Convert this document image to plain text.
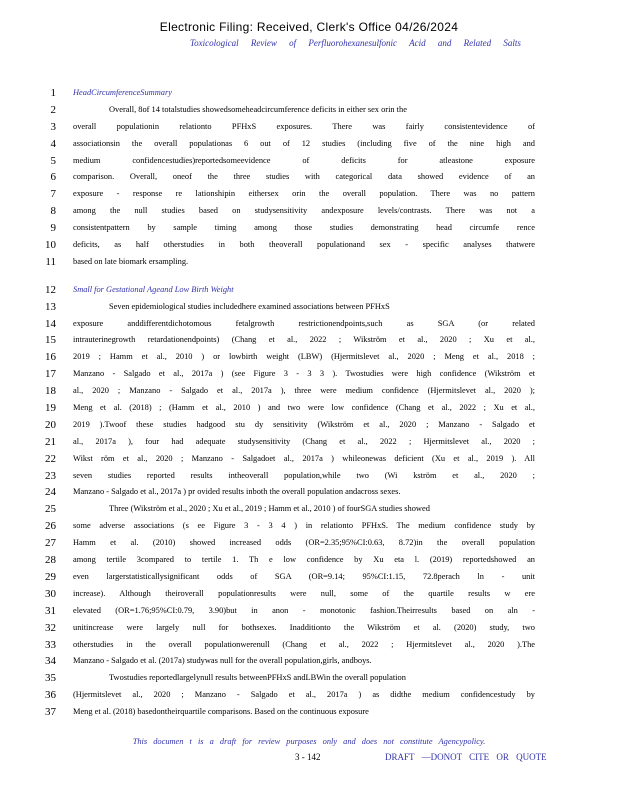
Electronic Filing: Received, Clerk's Office 04/26/2024
Toxicological Review of Perfluorohexanesulfonic Acid and Related Salts
1 HeadCircumferenceSummary
2	Overall, 8of 14 totalstudies showedsomeheadcircumference deficits in either sex orin the
3 overall populationin relationto PFHxS exposures. There was fairly consistentevidence of
4 associationsin the overall populationas 6 out of 12 studies (including five of the nine high and
5 medium confidencestudies)reportedsomeevidence of deficits for atleastone exposure
6 comparison. Overall, oneof the three studies with categorical data showed evidence of an
7 exposure - response re lationshipin eithersex orin the overall population. There was no pattern
8 among the null studies based on studysensitivity andexposure levels/contrasts. There was not a
9 consistentpattern by sample timing among those studies demonstrating head circumfe rence
10 deficits, as half otherstudies in both theoverall populationand sex - specific analyses thatwere
11 based on late biomark ersampling.
12 Small for Gestational Ageand Low Birth Weight
13	Seven epidemiological studies includedhere examined associations between PFHxS
14 exposure anddifferentdichotomous fetalgrowth restrictionendpoints,such as SGA (or related
15 intrauterinegrowth retardationendpoints) (Chang et al., 2022 ; Wikström et al., 2020 ; Xu et al.,
16 2019 ; Hamm et al., 2010 ) or lowbirth weight (LBW) (Hjermitslevet al., 2020 ; Meng et al., 2018 ;
17 Manzano - Salgado et al., 2017a ) (see Figure 3 - 3 3 ). Twostudies were high confidence (Wikström et
18 al., 2020 ; Manzano - Salgado et al., 2017a ), three were medium confidence (Hjermitslevet al., 2020 );
19 Meng et al. (2018) ; (Hamm et al., 2010 ) and two were low confidence (Chang et al., 2022 ; Xu et al.,
20 2019 ).Twoof these studies hadgood stu dy sensitivity (Wikström et al., 2020 ; Manzano - Salgado et
21 al., 2017a ), four had adequate studysensitivity (Chang et al., 2022 ; Hjermitslevet al., 2020 ;
22 Wikst röm et al., 2020 ; Manzano - Salgadoet al., 2017a ) whileonewas deficient (Xu et al., 2019 ). All
23 seven studies reported results intheoverall population,while two (Wi kström et al., 2020 ;
24 Manzano - Salgado et al., 2017a ) pr ovided results inboth the overall population andacross sexes.
25	Three (Wikström et al., 2020 ; Xu et al., 2019 ; Hamm et al., 2010 ) of fourSGA studies showed
26 some adverse associations (s ee Figure 3 - 3 4 ) in relationto PFHxS. The medium confidence study by
27 Hamm et al. (2010) showed increased odds (OR=2.35;95%CI:0.63, 8.72)in the overall population
28 among tertile 3compared to tertile 1. Th e low confidence by Xu eta l. (2019) reportedshowed an
29 even largerstatisticallysignificant odds of SGA (OR=9.14; 95%CI:1.15, 72.8perach ln - unit
30 increase). Although theiroverall populationresults were null, some of the quartile results w ere
31 elevated (OR=1.76;95%CI:0.79, 3.90)but in anon - monotonic fashion.Theirresults based on aln -
32 unitincrease were largely null for bothsexes. Inadditionto the Wikström et al. (2020) study, two
33 otherstudies in the overall populationwerenull (Chang et al., 2022 ; Hjermitslevet al., 2020 ).The
34 Manzano - Salgado et al. (2017a) studywas null for the overall population,girls, andboys.
35	Twostudies reportedlargelynull results betweenPFHxS andLBWin the overall population
36 (Hjermitslevet al., 2020 ; Manzano - Salgado et al., 2017a ) as didthe medium confidencestudy by
37 Meng et al. (2018) basedontheirquartile comparisons. Based on the continuous exposure
This documen t is a draft for review purposes only and does not constitute Agencypolicy.
3 - 142	DRAFT —DONOT CITE OR QUOTE
